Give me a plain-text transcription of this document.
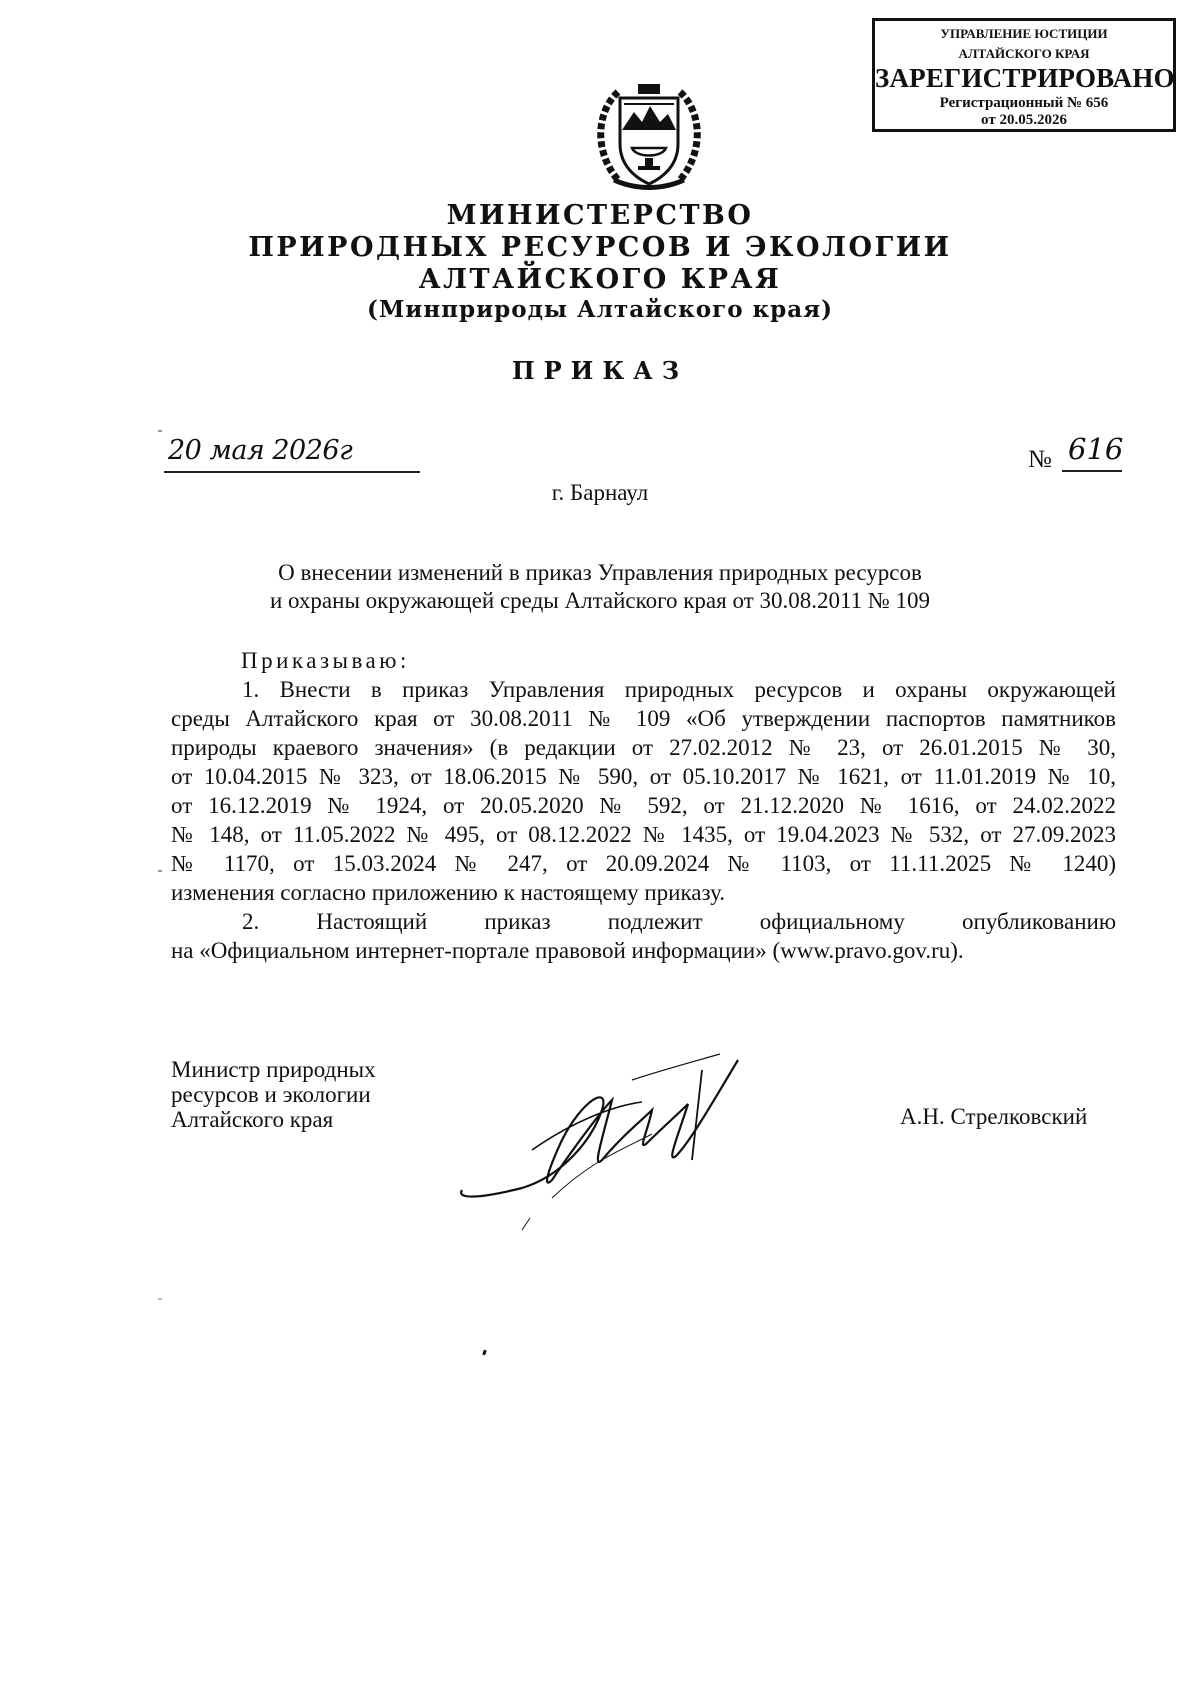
УПРАВЛЕНИЕ ЮСТИЦИИ
АЛТАЙСКОГО КРАЯ
ЗАРЕГИСТРИРОВАНО
Регистрационный № 656
от 20.05.2026
МИНИСТЕРСТВО
ПРИРОДНЫХ РЕСУРСОВ И ЭКОЛОГИИ
АЛТАЙСКОГО КРАЯ
(Минприроды Алтайского края)
ПРИКАЗ
20 мая 2026г	№ 616
г. Барнаул
О внесении изменений в приказ Управления природных ресурсов
и охраны окружающей среды Алтайского края от 30.08.2011 № 109

Приказываю:

1. Внести в приказ Управления природных ресурсов и охраны окружающей

среды Алтайского края от 30.08.2011 № 109 «Об утверждении паспортов памятников

природы краевого значения» (в редакции от 27.02.2012 № 23, от 26.01.2015 № 30,

от 10.04.2015 № 323, от 18.06.2015 № 590, от 05.10.2017 № 1621, от 11.01.2019 № 10,

от 16.12.2019 № 1924, от 20.05.2020 № 592, от 21.12.2020 № 1616, от 24.02.2022

№ 148, от 11.05.2022 № 495, от 08.12.2022 № 1435, от 19.04.2023 № 532, от 27.09.2023

№ 1170, от 15.03.2024 № 247, от 20.09.2024 № 1103, от 11.11.2025 № 1240)

изменения согласно приложению к настоящему приказу.

2. Настоящий приказ подлежит официальному опубликованию

на «Официальном интернет-портале правовой информации» (www.pravo.gov.ru).

Министр природных
ресурсов и экологии
Алтайского края	А.Н. Стрелковский
